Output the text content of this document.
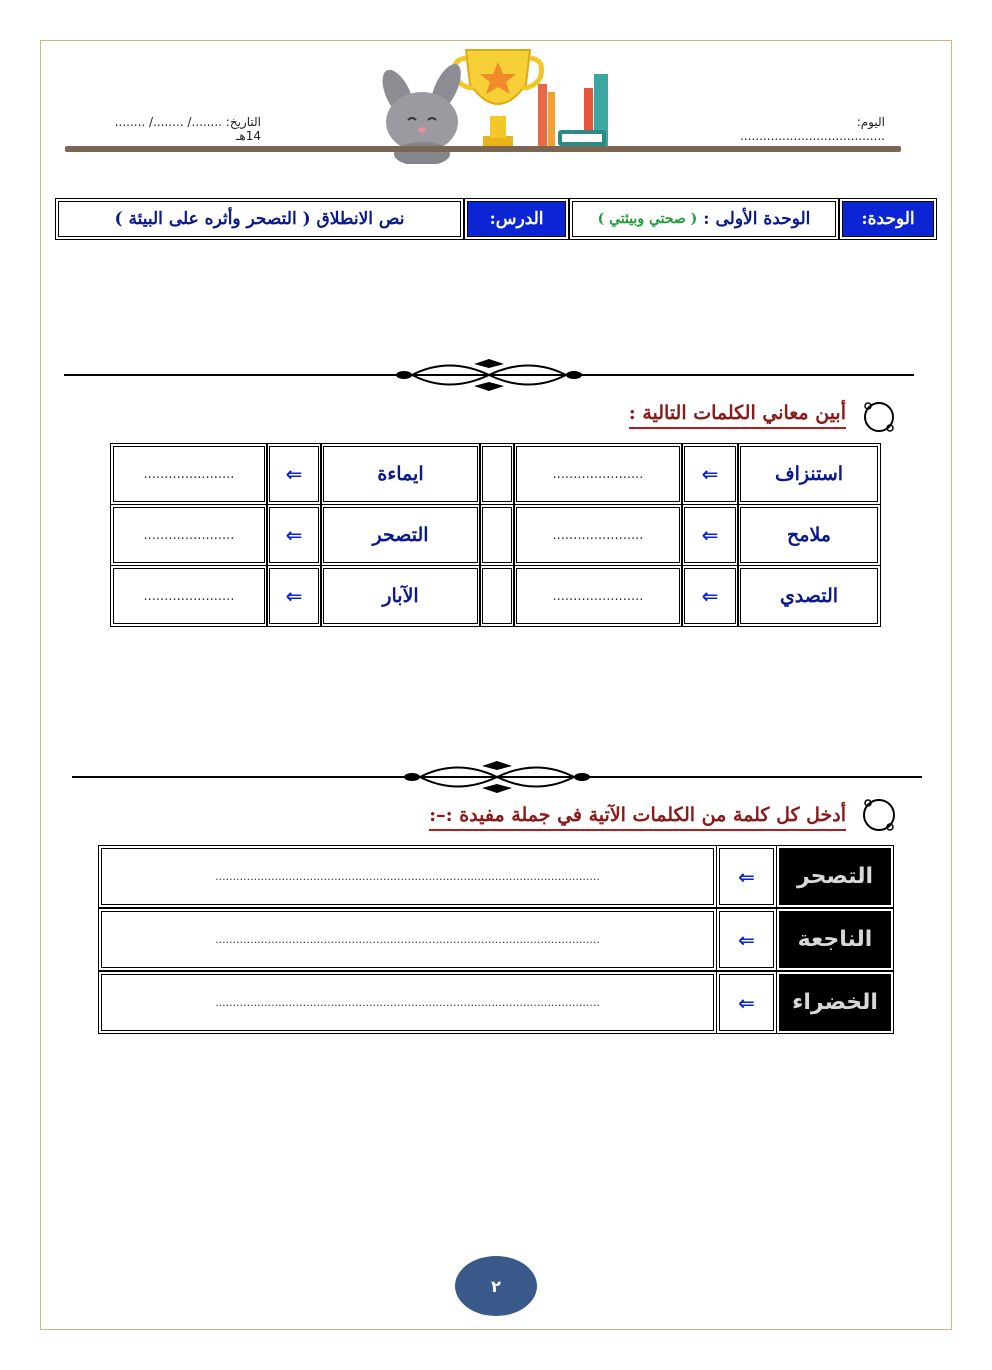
اليوم: ......................................
التاريخ: ......../ ......../ ........ 14هـ
الوحدة:
الوحدة الأولى :
( صحتي وبيئتي )
الدرس:
نص الانطلاق ( التصحر وأثره على البيئة )
أبين معاني الكلمات التالية :
استنزاف
⇐
......................
ايماءة
⇐
......................
ملامح
⇐
......................
التصحر
⇐
......................
التصدي
⇐
......................
الآبار
⇐
......................
أدخل كل كلمة من الكلمات الآتية في جملة مفيدة :–:
التصحر
⇐
..............................................................................................................
الناجعة
⇐
..............................................................................................................
الخضراء
⇐
..............................................................................................................
٢
